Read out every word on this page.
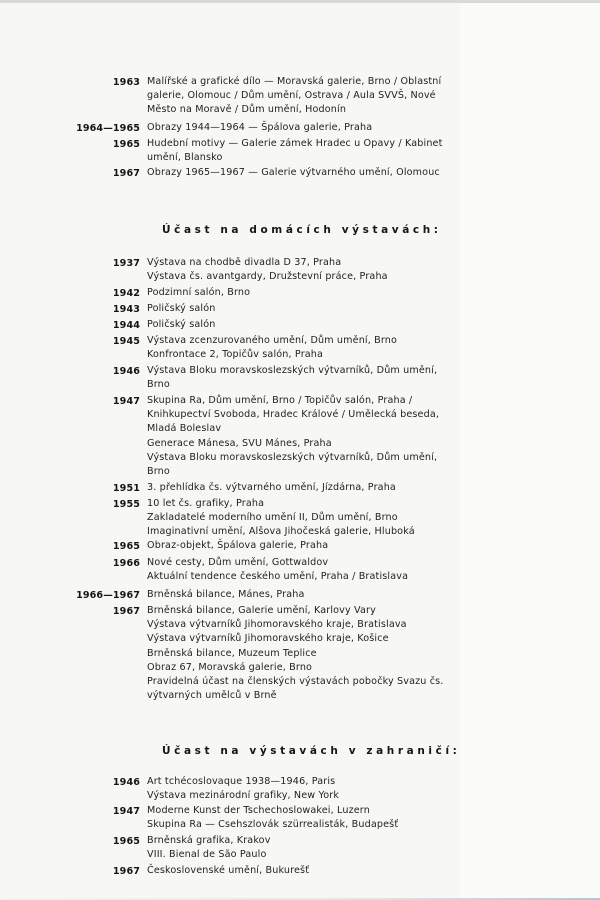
1963 Malířské a grafické dílo — Moravská galerie, Brno / Oblastní
galerie, Olomouc / Dům umění, Ostrava / Aula SVVŠ, Nové
Město na Moravě / Dům umění, Hodonín
1964—1965 Obrazy 1944—1964 — Špálova galerie, Praha
1965 Hudební motivy — Galerie zámek Hradec u Opavy / Kabinet
umění, Blansko
1967 Obrazy 1965—1967 — Galerie výtvarného umění, Olomouc
Účast na domácích výstavách:
1937 Výstava na chodbě divadla D 37, Praha
Výstava čs. avantgardy, Družstevní práce, Praha
1942 Podzimní salón, Brno
1943 Poličský salón
1944 Poličský salón
1945 Výstava zcenzurovaného umění, Dům umění, Brno
Konfrontace 2, Topičův salón, Praha
1946 Výstava Bloku moravskoslezských výtvarníků, Dům umění,
Brno
1947 Skupina Ra, Dům umění, Brno / Topičův salón, Praha /
Knihkupectví Svoboda, Hradec Králové / Umělecká beseda,
Mladá Boleslav
Generace Mánesa, SVU Mánes, Praha
Výstava Bloku moravskoslezských výtvarníků, Dům umění,
Brno
1951 3. přehlídka čs. výtvarného umění, Jízdárna, Praha
1955 10 let čs. grafiky, Praha
Zakladatelé moderního umění II, Dům umění, Brno
Imaginativní umění, Alšova Jihočeská galerie, Hluboká
1965 Obraz-objekt, Špálova galerie, Praha
1966 Nové cesty, Dům umění, Gottwaldov
Aktuální tendence českého umění, Praha / Bratislava
1966—1967 Brněnská bilance, Mánes, Praha
1967 Brněnská bilance, Galerie umění, Karlovy Vary
Výstava výtvarníků Jihomoravského kraje, Bratislava
Výstava výtvarníků Jihomoravského kraje, Košice
Brněnská bilance, Muzeum Teplice
Obraz 67, Moravská galerie, Brno
Pravidelná účast na členských výstavách pobočky Svazu čs.
výtvarných umělců v Brně
Účast na výstavách v zahraničí:
1946 Art tchécoslovaque 1938—1946, Paris
Výstava mezinárodní grafiky, New York
1947 Moderne Kunst der Tschechoslowakei, Luzern
Skupina Ra — Csehszlovák szürrealisták, Budapešť
1965 Brněnská grafika, Krakov
VIII. Bienal de São Paulo
1967 Československé umění, Bukurešť
